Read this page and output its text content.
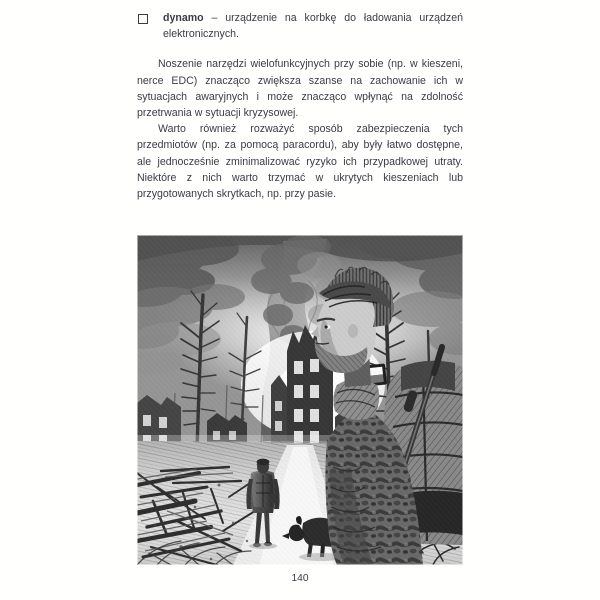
dynamo – urządzenie na korbkę do ładowania urządzeń elektronicznych.

Noszenie narzędzi wielofunkcyjnych przy sobie (np. w kieszeni, nerce EDC) znacząco zwiększa szanse na zachowanie ich w sytuacjach awaryjnych i może znacząco wpłynąć na zdolność przetrwania w sytuacji kryzysowej.

Warto również rozważyć sposób zabezpieczenia tych przedmiotów (np. za pomocą paracordu), aby były łatwo dostępne, ale jednocześnie zminimalizować ryzyko ich przypadkowej utraty. Niektóre z nich warto trzymać w ukrytych kieszeniach lub przygotowanych skrytkach, np. przy pasie.

140
